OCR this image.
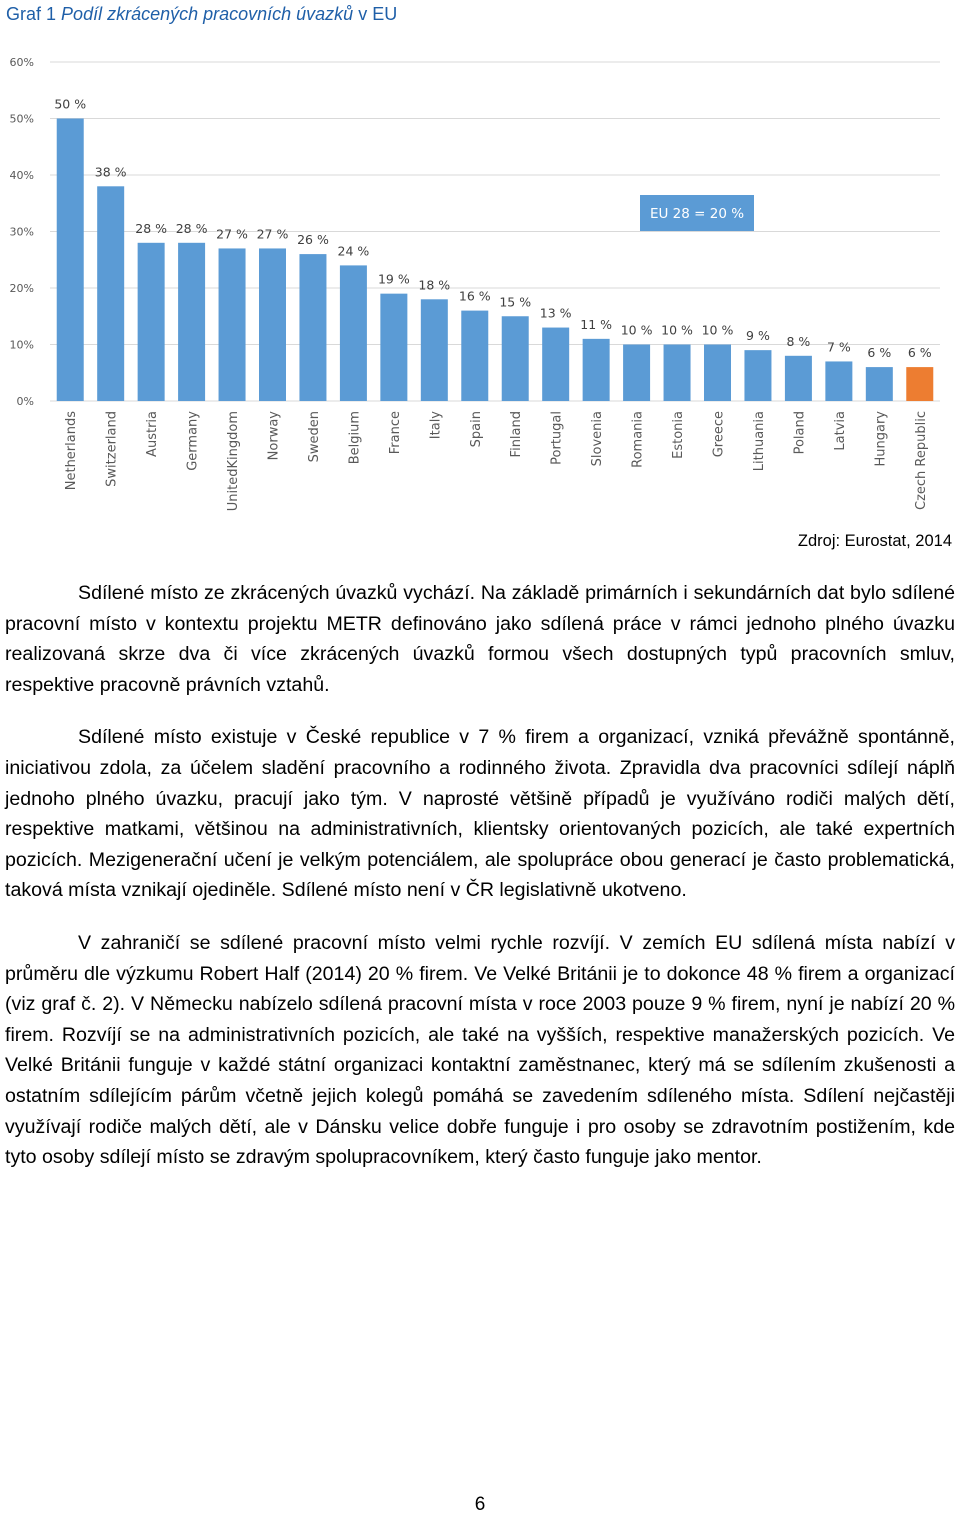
Graf 1 Podíl zkrácených pracovních úvazků v EU
0%
10%
20%
30%
40%
50%
60%
50 %
Netherlands
38 %
Switzerland
28 %
Austria
28 %
Germany
27 %
UnitedKingdom
27 %
Norway
26 %
Sweden
24 %
Belgium
19 %
France
18 %
Italy
16 %
Spain
15 %
Finland
13 %
Portugal
11 %
Slovenia
10 %
Romania
10 %
Estonia
10 %
Greece
9 %
Lithuania
8 %
Poland
7 %
Latvia
6 %
Hungary
6 %
Czech Republic
EU 28 = 20 %
Zdroj: Eurostat, 2014

Sdílené místo ze zkrácených úvazků vychází. Na základě primárních i sekundárních dat bylo sdílené pracovní místo v kontextu projektu METR definováno jako sdílená práce v rámci jednoho plného úvazku realizovaná skrze dva či více zkrácených úvazků formou všech dostupných typů pracovních smluv, respektive pracovně právních vztahů.

Sdílené místo existuje v České republice v 7 % firem a organizací, vzniká převážně spontánně, iniciativou zdola, za účelem sladění pracovního a rodinného života. Zpravidla dva pracovníci sdílejí náplň jednoho plného úvazku, pracují jako tým. V naprosté většině případů je využíváno rodiči malých dětí, respektive matkami, většinou na administrativních, klientsky orientovaných pozicích, ale také expertních pozicích. Mezigenerační učení je velkým potenciálem, ale spolupráce obou generací je často problematická, taková místa vznikají ojediněle. Sdílené místo není v ČR legislativně ukotveno.

V zahraničí se sdílené pracovní místo velmi rychle rozvíjí. V zemích EU sdílená místa nabízí v průměru dle výzkumu Robert Half (2014) 20 % firem. Ve Velké Británii je to dokonce 48 % firem a organizací (viz graf č. 2). V Německu nabízelo sdílená pracovní místa v roce 2003 pouze 9 % firem, nyní je nabízí 20 % firem. Rozvíjí se na administrativních pozicích, ale také na vyšších, respektive manažerských pozicích. Ve Velké Británii funguje v každé státní organizaci kontaktní zaměstnanec, který má se sdílením zkušenosti a ostatním sdílejícím párům včetně jejich kolegů pomáhá se zavedením sdíleného místa. Sdílení nejčastěji využívají rodiče malých dětí, ale v Dánsku velice dobře funguje i pro osoby se zdravotním postižením, kde tyto osoby sdílejí místo se zdravým spolupracovníkem, který často funguje jako mentor.

6
